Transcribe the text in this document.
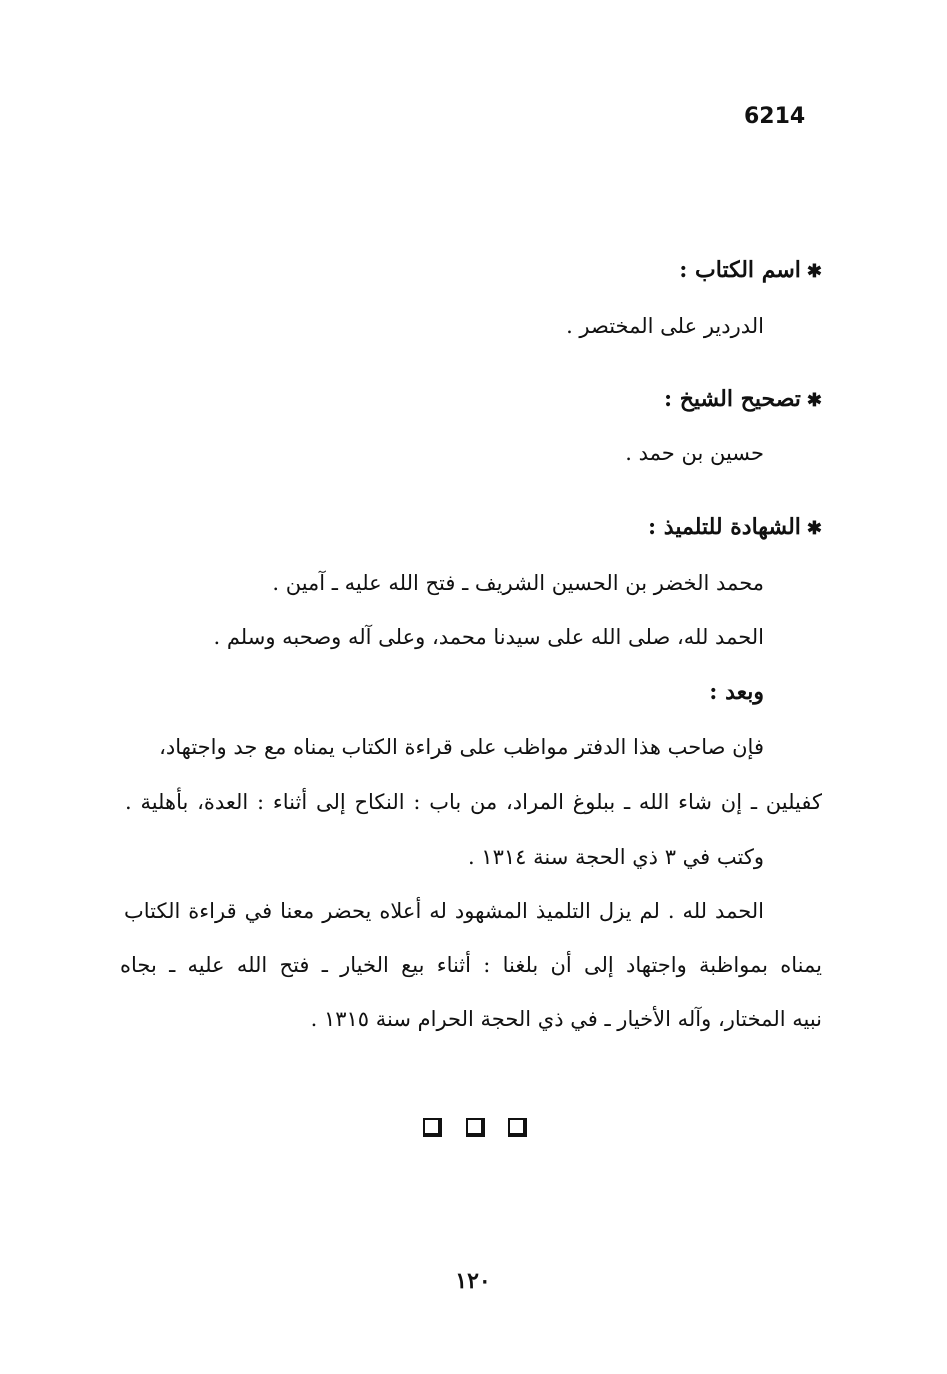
6214
✱اسم الكتاب :
الدردير على المختصر .
✱تصحيح الشيخ :
حسين بن حمد .
✱الشهادة للتلميذ :
محمد الخضر بن الحسين الشريف ـ فتح الله عليه ـ آمين .
الحمد لله، صلى الله على سيدنا محمد، وعلى آله وصحبه وسلم .
وبعد :
فإن صاحب هذا الدفتر مواظب على قراءة الكتاب يمناه مع جد واجتهاد،
كفيلين ـ إن شاء الله ـ ببلوغ المراد، من باب : النكاح إلى أثناء : العدة، بأهلية .
وكتب في ٣ ذي الحجة سنة ١٣١٤ .
الحمد لله . لم يزل التلميذ المشهود له أعلاه يحضر معنا في قراءة الكتاب
يمناه بمواظبة واجتهاد إلى أن بلغنا : أثناء بيع الخيار ـ فتح الله عليه ـ بجاه
نبيه المختار، وآله الأخيار ـ في ذي الحجة الحرام سنة ١٣١٥ .
١٢٠
